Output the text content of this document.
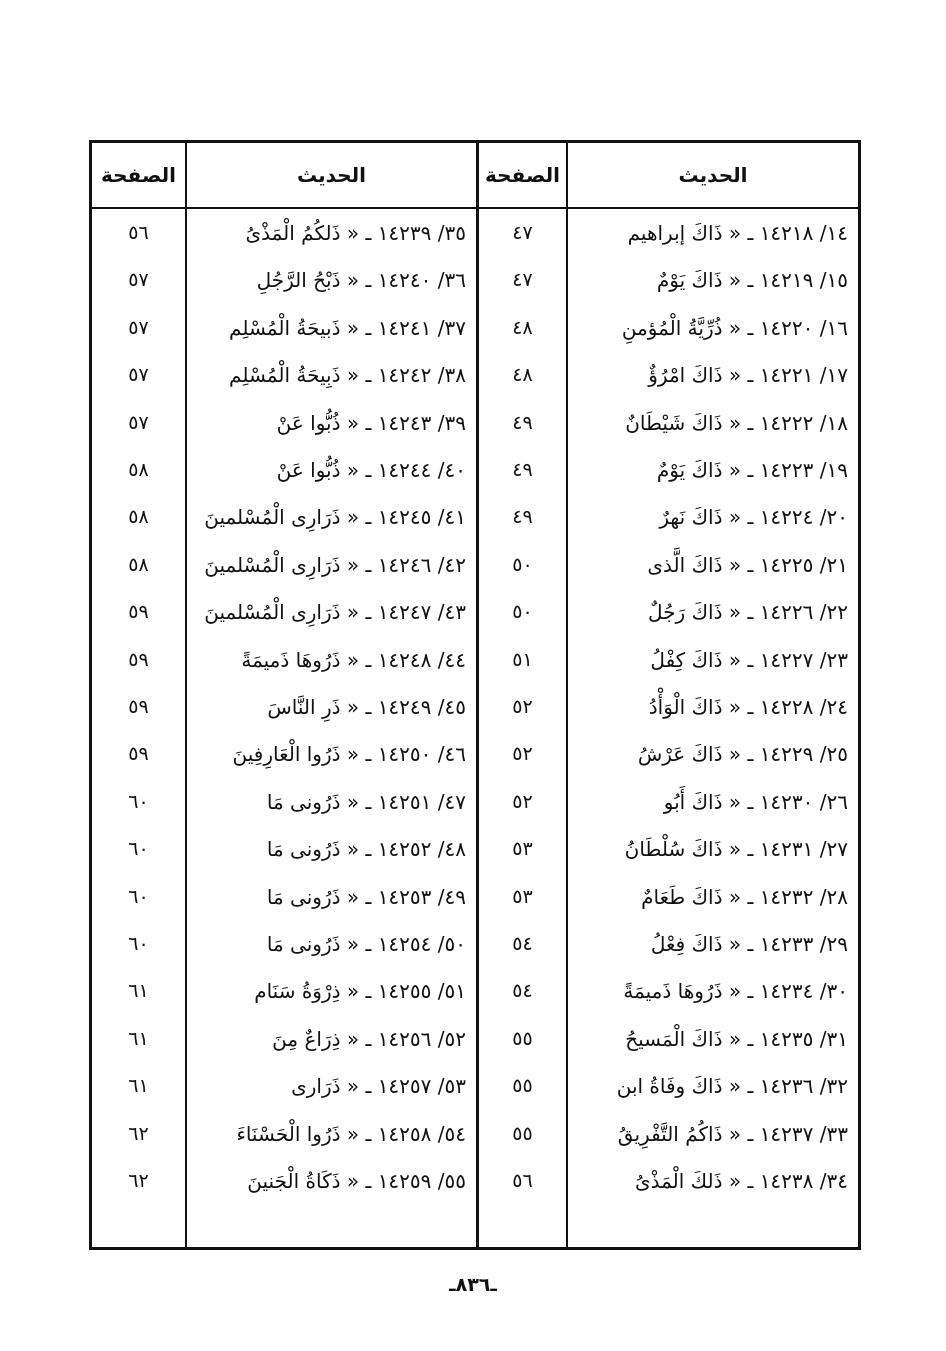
الحديث
الصفحة
الحديث
الصفحة
١٤/ ١٤٢١٨ ـ « ذَاكَ إبراهيم
٤٧
١٥/ ١٤٢١٩ ـ « ذَاكَ يَوْمٌ
٤٧
١٦/ ١٤٢٢٠ ـ « ذُرِّيَّةُ الْمُؤمنِ
٤٨
١٧/ ١٤٢٢١ ـ « ذَاكَ امْرُؤٌ
٤٨
١٨/ ١٤٢٢٢ ـ « ذَاكَ شَيْطَانٌ
٤٩
١٩/ ١٤٢٢٣ ـ « ذَاكَ يَوْمٌ
٤٩
٢٠/ ١٤٢٢٤ ـ « ذَاكَ نَهرٌ
٤٩
٢١/ ١٤٢٢٥ ـ « ذَاكَ الَّذى
٥٠
٢٢/ ١٤٢٢٦ ـ « ذَاكَ رَجُلٌ
٥٠
٢٣/ ١٤٢٢٧ ـ « ذَاكَ كِفْلُ
٥١
٢٤/ ١٤٢٢٨ ـ « ذَاكَ الْوَأْدُ
٥٢
٢٥/ ١٤٢٢٩ ـ « ذَاكَ عَرْشُ
٥٢
٢٦/ ١٤٢٣٠ ـ « ذَاكَ أَبُو
٥٢
٢٧/ ١٤٢٣١ ـ « ذَاكَ سُلْطَانُ
٥٣
٢٨/ ١٤٢٣٢ ـ « ذَاكَ طَعَامٌ
٥٣
٢٩/ ١٤٢٣٣ ـ « ذَاكَ فِعْلُ
٥٤
٣٠/ ١٤٢٣٤ ـ « ذَرُوهَا ذَميمَةً
٥٤
٣١/ ١٤٢٣٥ ـ « ذَاكَ الْمَسيحُ
٥٥
٣٢/ ١٤٢٣٦ ـ « ذَاكَ وفَاةُ ابن
٥٥
٣٣/ ١٤٢٣٧ ـ « ذَاكُمُ التَّفْرِيقُ
٥٥
٣٤/ ١٤٢٣٨ ـ « ذَلكَ الْمَذْىُ
٥٦
٣٥/ ١٤٢٣٩ ـ « ذَلكُمُ الْمَذْىُ
٥٦
٣٦/ ١٤٢٤٠ ـ « ذَبْحُ الرَّجُلِ
٥٧
٣٧/ ١٤٢٤١ ـ « ذَبيحَةُ الْمُسْلِم
٥٧
٣٨/ ١٤٢٤٢ ـ « ذَبِيحَةُ الْمُسْلِم
٥٧
٣٩/ ١٤٢٤٣ ـ « ذُبُّوا عَنْ
٥٧
٤٠/ ١٤٢٤٤ ـ « ذُبُّوا عَنْ
٥٨
٤١/ ١٤٢٤٥ ـ « ذَرَارِى الْمُسْلمينَ
٥٨
٤٢/ ١٤٢٤٦ ـ « ذَرَارِى الْمُسْلمينَ
٥٨
٤٣/ ١٤٢٤٧ ـ « ذَرَارِى الْمُسْلمينَ
٥٩
٤٤/ ١٤٢٤٨ ـ « ذَرُوهَا ذَميمَةً
٥٩
٤٥/ ١٤٢٤٩ ـ « ذَرِ النَّاسَ
٥٩
٤٦/ ١٤٢٥٠ ـ « ذَرُوا الْعَارِفِينَ
٥٩
٤٧/ ١٤٢٥١ ـ « ذَرُونى مَا
٦٠
٤٨/ ١٤٢٥٢ ـ « ذَرُونى مَا
٦٠
٤٩/ ١٤٢٥٣ ـ « ذَرُونى مَا
٦٠
٥٠/ ١٤٢٥٤ ـ « ذَرُونى مَا
٦٠
٥١/ ١٤٢٥٥ ـ « ذِرْوَةُ سَنَام
٦١
٥٢/ ١٤٢٥٦ ـ « ذِرَاعٌ مِنَ
٦١
٥٣/ ١٤٢٥٧ ـ « ذَرَارى
٦١
٥٤/ ١٤٢٥٨ ـ « ذَرُوا الْحَسْنَاءَ
٦٢
٥٥/ ١٤٢٥٩ ـ « ذَكَاةُ الْجَنينَ
٦٢
ـ٨٣٦ـ
